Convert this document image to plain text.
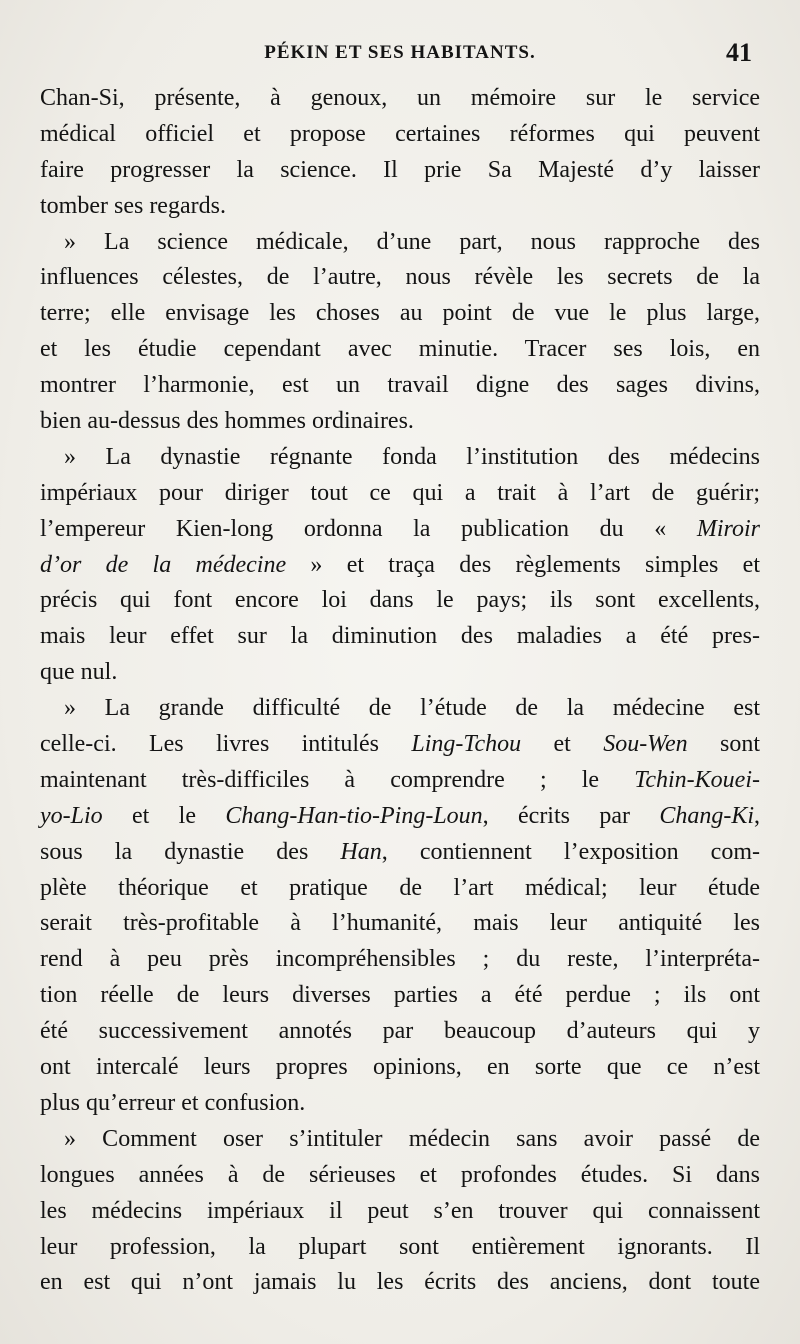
PÉKIN ET SES HABITANTS.	41
Chan-Si, présente, à genoux, un mémoire sur le service
médical officiel et propose certaines réformes qui peuvent
faire progresser la science. Il prie Sa Majesté d’y laisser
tomber ses regards.
» La science médicale, d’une part, nous rapproche des
influences célestes, de l’autre, nous révèle les secrets de la
terre; elle envisage les choses au point de vue le plus large,
et les étudie cependant avec minutie. Tracer ses lois, en
montrer l’harmonie, est un travail digne des sages divins,
bien au-dessus des hommes ordinaires.
» La dynastie régnante fonda l’institution des médecins
impériaux pour diriger tout ce qui a trait à l’art de guérir;
l’empereur Kien-long ordonna la publication du « Miroir
d’or de la médecine » et traça des règlements simples et
précis qui font encore loi dans le pays; ils sont excellents,
mais leur effet sur la diminution des maladies a été pres-
que nul.
» La grande difficulté de l’étude de la médecine est
celle-ci. Les livres intitulés Ling-Tchou et Sou-Wen sont
maintenant très-difficiles à comprendre ; le Tchin-Kouei-
yo-Lio et le Chang-Han-tio-Ping-Loun, écrits par Chang-Ki,
sous la dynastie des Han, contiennent l’exposition com-
plète théorique et pratique de l’art médical; leur étude
serait très-profitable à l’humanité, mais leur antiquité les
rend à peu près incompréhensibles ; du reste, l’interpréta-
tion réelle de leurs diverses parties a été perdue ; ils ont
été successivement annotés par beaucoup d’auteurs qui y
ont intercalé leurs propres opinions, en sorte que ce n’est
plus qu’erreur et confusion.
» Comment oser s’intituler médecin sans avoir passé de
longues années à de sérieuses et profondes études. Si dans
les médecins impériaux il peut s’en trouver qui connaissent
leur profession, la plupart sont entièrement ignorants. Il
en est qui n’ont jamais lu les écrits des anciens, dont toute
